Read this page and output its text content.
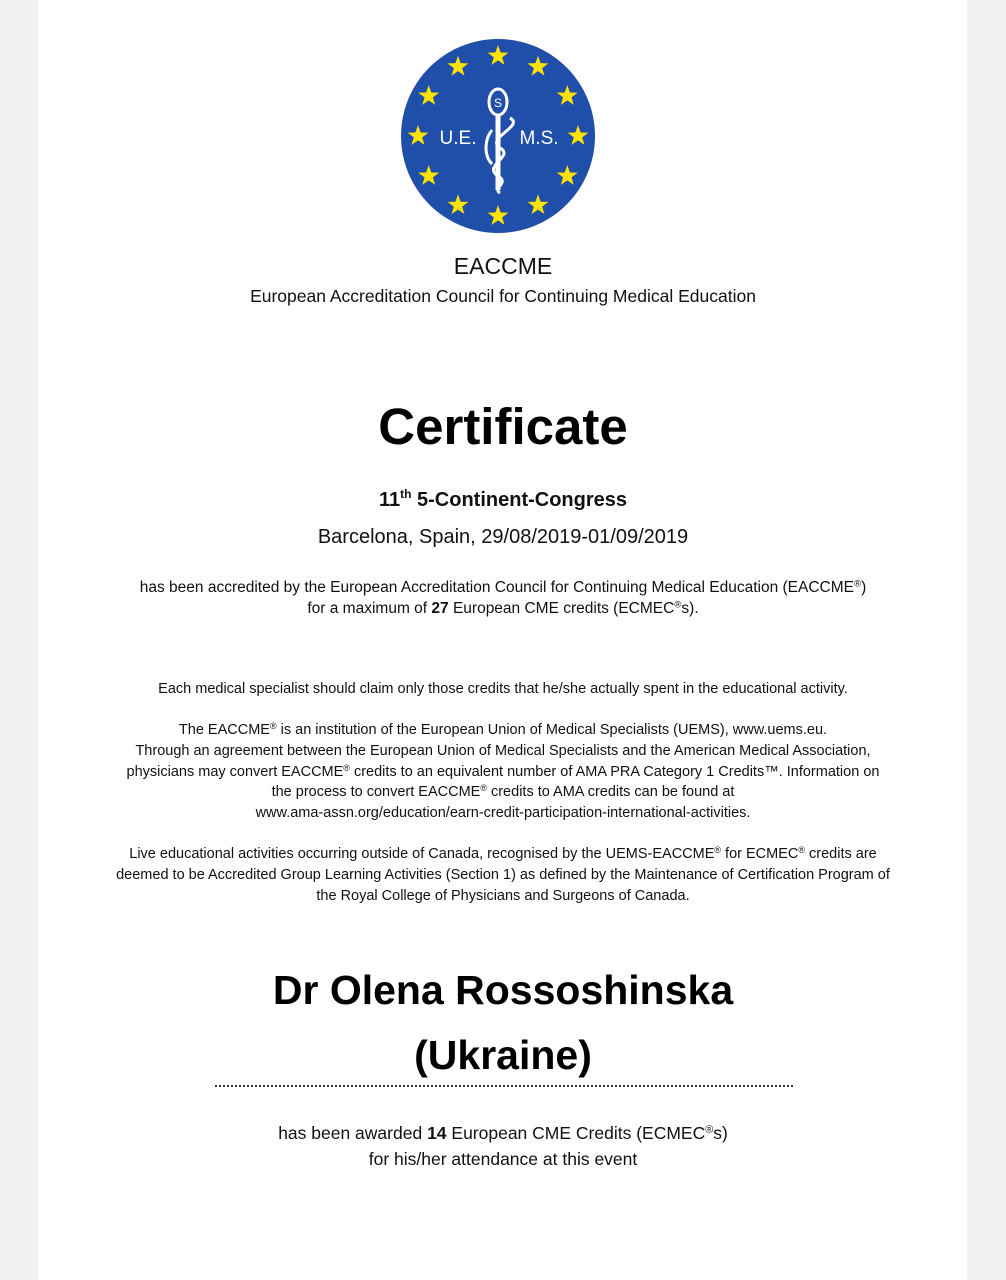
S
U.E. M.S.
EACCME
European Accreditation Council for Continuing Medical Education
Certificate
11th 5-Continent-Congress
Barcelona, Spain, 29/08/2019-01/09/2019
has been accredited by the European Accreditation Council for Continuing Medical Education (EACCME®)
for a maximum of 27 European CME credits (ECMEC®s).
Each medical specialist should claim only those credits that he/she actually spent in the educational activity.
The EACCME® is an institution of the European Union of Medical Specialists (UEMS), www.uems.eu.
Through an agreement between the European Union of Medical Specialists and the American Medical Association,
physicians may convert EACCME® credits to an equivalent number of AMA PRA Category 1 Credits™. Information on
the process to convert EACCME® credits to AMA credits can be found at
www.ama-assn.org/education/earn-credit-participation-international-activities.
Live educational activities occurring outside of Canada, recognised by the UEMS-EACCME® for ECMEC® credits are
deemed to be Accredited Group Learning Activities (Section 1) as defined by the Maintenance of Certification Program of
the Royal College of Physicians and Surgeons of Canada.
Dr Olena Rossoshinska
(Ukraine)
has been awarded 14 European CME Credits (ECMEC®s)
for his/her attendance at this event
